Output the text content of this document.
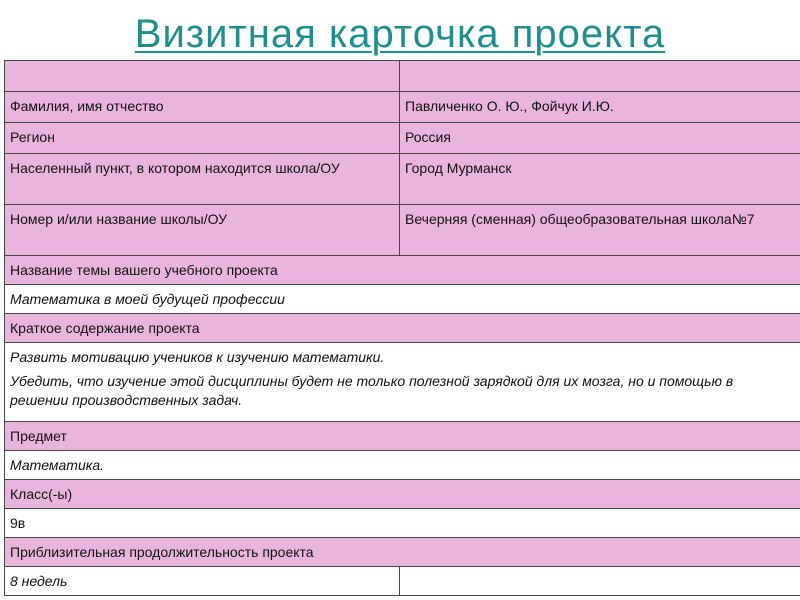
Визитная карточка проекта

Фамилия, имя отчество	Павличенко О. Ю., Фойчук И.Ю.
Регион	Россия
Населенный пункт, в котором находится школа/ОУ	Город Мурманск
Номер и/или название школы/ОУ	Вечерняя (сменная) общеобразовательная школа№7
Название темы вашего учебного проекта	
Математика в моей будущей профессии	
Краткое содержание проекта	

Развить мотивацию учеников к изучению математики.
Убедить, что изучение этой дисциплины будет не только полезной зарядкой для их мозга, но и помощью в решении производственных задач.	

Предмет	
Математика.	
Класс(-ы)	
9в	
Приблизительная продолжительность проекта	
8 недель	
